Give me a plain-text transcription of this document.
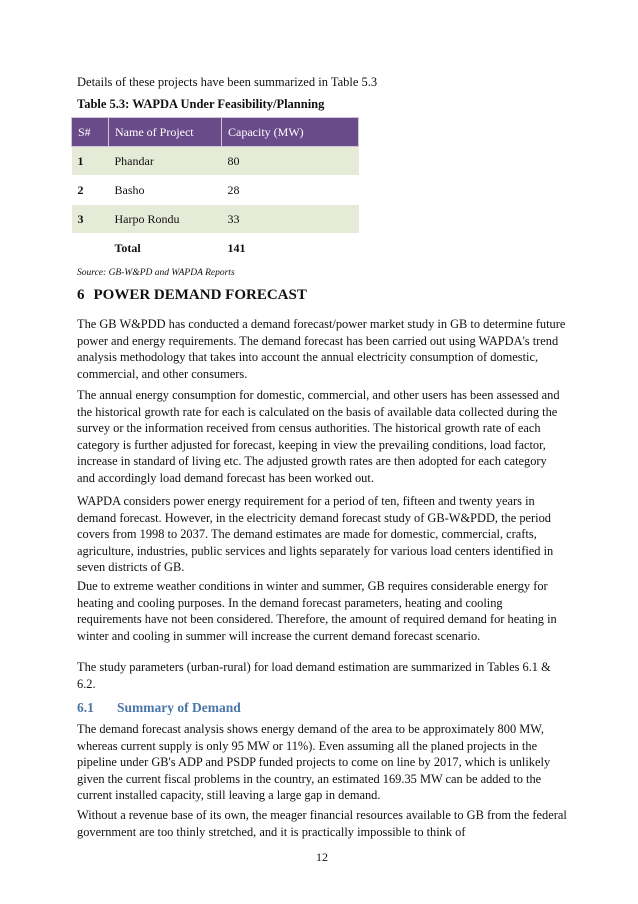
Details of these projects have been summarized in Table 5.3
Table 5.3: WAPDA Under Feasibility/Planning
S#	Name of Project	Capacity (MW)
1	Phandar	80
2	Basho	28
3	Harpo Rondu	33
	Total	141
Source: GB-W&PD and WAPDA Reports
6 POWER DEMAND FORECAST

The GB W&PDD has conducted a demand forecast/power market study in GB to determine future power and energy requirements. The demand forecast has been carried out using WAPDA's trend analysis methodology that takes into account the annual electricity consumption of domestic, commercial, and other consumers.

The annual energy consumption for domestic, commercial, and other users has been assessed and the historical growth rate for each is calculated on the basis of available data collected during the survey or the information received from census authorities. The historical growth rate of each category is further adjusted for forecast, keeping in view the prevailing conditions, load factor, increase in standard of living etc. The adjusted growth rates are then adopted for each category and accordingly load demand forecast has been worked out.

WAPDA considers power energy requirement for a period of ten, fifteen and twenty years in demand forecast. However, in the electricity demand forecast study of GB-W&PDD, the period covers from 1998 to 2037. The demand estimates are made for domestic, commercial, crafts, agriculture, industries, public services and lights separately for various load centers identified in seven districts of GB.

Due to extreme weather conditions in winter and summer, GB requires considerable energy for heating and cooling purposes. In the demand forecast parameters, heating and cooling requirements have not been considered. Therefore, the amount of required demand for heating in winter and cooling in summer will increase the current demand forecast scenario.

The study parameters (urban-rural) for load demand estimation are summarized in Tables 6.1 & 6.2.

6.1 Summary of Demand

The demand forecast analysis shows energy demand of the area to be approximately 800 MW, whereas current supply is only 95 MW or 11%). Even assuming all the planed projects in the pipeline under GB's ADP and PSDP funded projects to come on line by 2017, which is unlikely given the current fiscal problems in the country, an estimated 169.35 MW can be added to the current installed capacity, still leaving a large gap in demand.

Without a revenue base of its own, the meager financial resources available to GB from the federal government are too thinly stretched, and it is practically impossible to think of

12
